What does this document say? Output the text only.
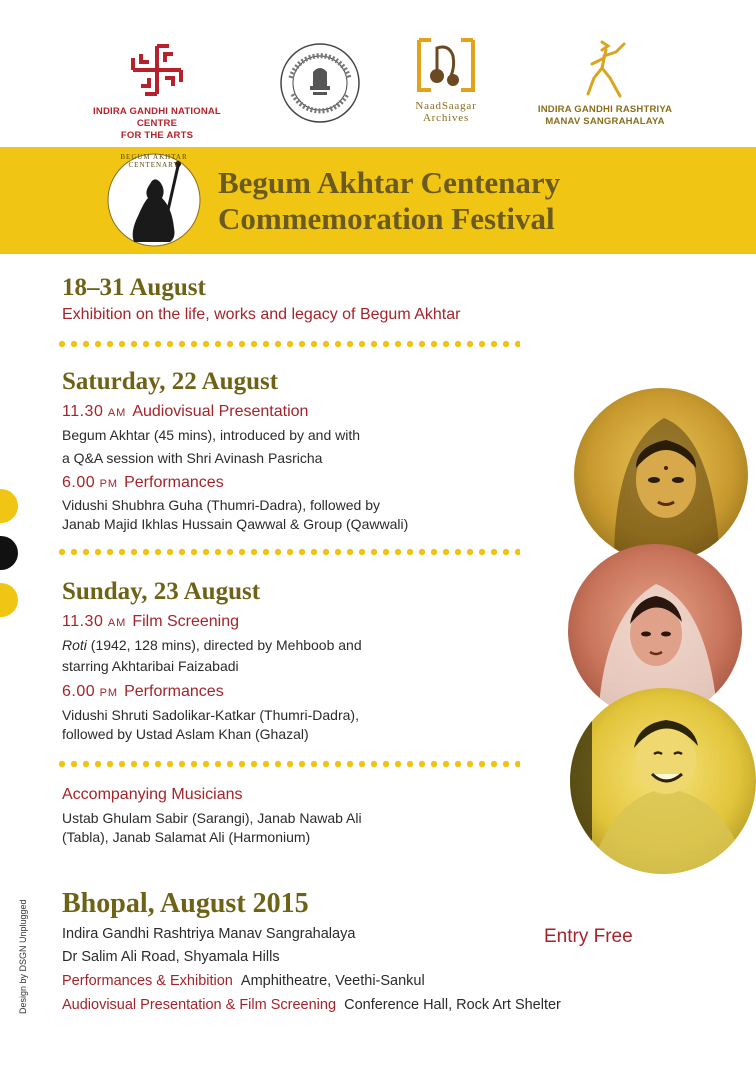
INDIRA GANDHI NATIONAL CENTRE
FOR THE ARTS
NaadSaagar
Archives
INDIRA GANDHI RASHTRIYA
MANAV SANGRAHALAYA
BEGUM AKHTAR CENTENARY	Begum Akhtar Centenary
Commemoration Festival
18–31 August
Exhibition on the life, works and legacy of Begum Akhtar
Saturday, 22 August
11.30 AM Audiovisual Presentation
Begum Akhtar (45 mins), introduced by and with
a Q&A session with Shri Avinash Pasricha
6.00 PM Performances
Vidushi Shubhra Guha (Thumri-Dadra), followed by
Janab Majid Ikhlas Hussain Qawwal & Group (Qawwali)
Sunday, 23 August
11.30 AM Film Screening
Roti (1942, 128 mins), directed by Mehboob and
starring Akhtaribai Faizabadi
6.00 PM Performances
Vidushi Shruti Sadolikar-Katkar (Thumri-Dadra),
followed by Ustad Aslam Khan (Ghazal)
Accompanying Musicians
Ustab Ghulam Sabir (Sarangi), Janab Nawab Ali
(Tabla), Janab Salamat Ali (Harmonium)
Bhopal, August 2015
Indira Gandhi Rashtriya Manav Sangrahalaya
Dr Salim Ali Road, Shyamala Hills
Performances & Exhibition Amphitheatre, Veethi-Sankul
Audiovisual Presentation & Film Screening Conference Hall, Rock Art Shelter
Entry Free
Design by DSGN Unplugged
